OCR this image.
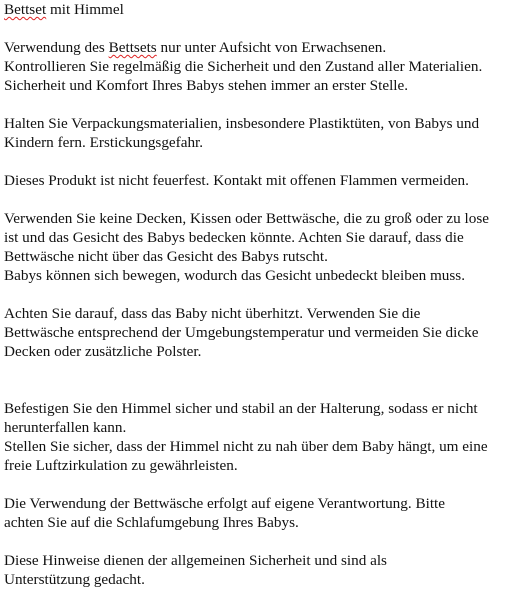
Bettset mit Himmel

Verwendung des Bettsets nur unter Aufsicht von Erwachsenen.

Kontrollieren Sie regelmäßig die Sicherheit und den Zustand aller Materialien.

Sicherheit und Komfort Ihres Babys stehen immer an erster Stelle.

Halten Sie Verpackungsmaterialien, insbesondere Plastiktüten, von Babys und
Kindern fern. Erstickungsgefahr.

Dieses Produkt ist nicht feuerfest. Kontakt mit offenen Flammen vermeiden.

Verwenden Sie keine Decken, Kissen oder Bettwäsche, die zu groß oder zu lose
ist und das Gesicht des Babys bedecken könnte. Achten Sie darauf, dass die
Bettwäsche nicht über das Gesicht des Babys rutscht.
Babys können sich bewegen, wodurch das Gesicht unbedeckt bleiben muss.

Achten Sie darauf, dass das Baby nicht überhitzt. Verwenden Sie die
Bettwäsche entsprechend der Umgebungstemperatur und vermeiden Sie dicke
Decken oder zusätzliche Polster.

Befestigen Sie den Himmel sicher und stabil an der Halterung, sodass er nicht
herunterfallen kann.
Stellen Sie sicher, dass der Himmel nicht zu nah über dem Baby hängt, um eine
freie Luftzirkulation zu gewährleisten.

Die Verwendung der Bettwäsche erfolgt auf eigene Verantwortung. Bitte
achten Sie auf die Schlafumgebung Ihres Babys.

Diese Hinweise dienen der allgemeinen Sicherheit und sind als
Unterstützung gedacht.
